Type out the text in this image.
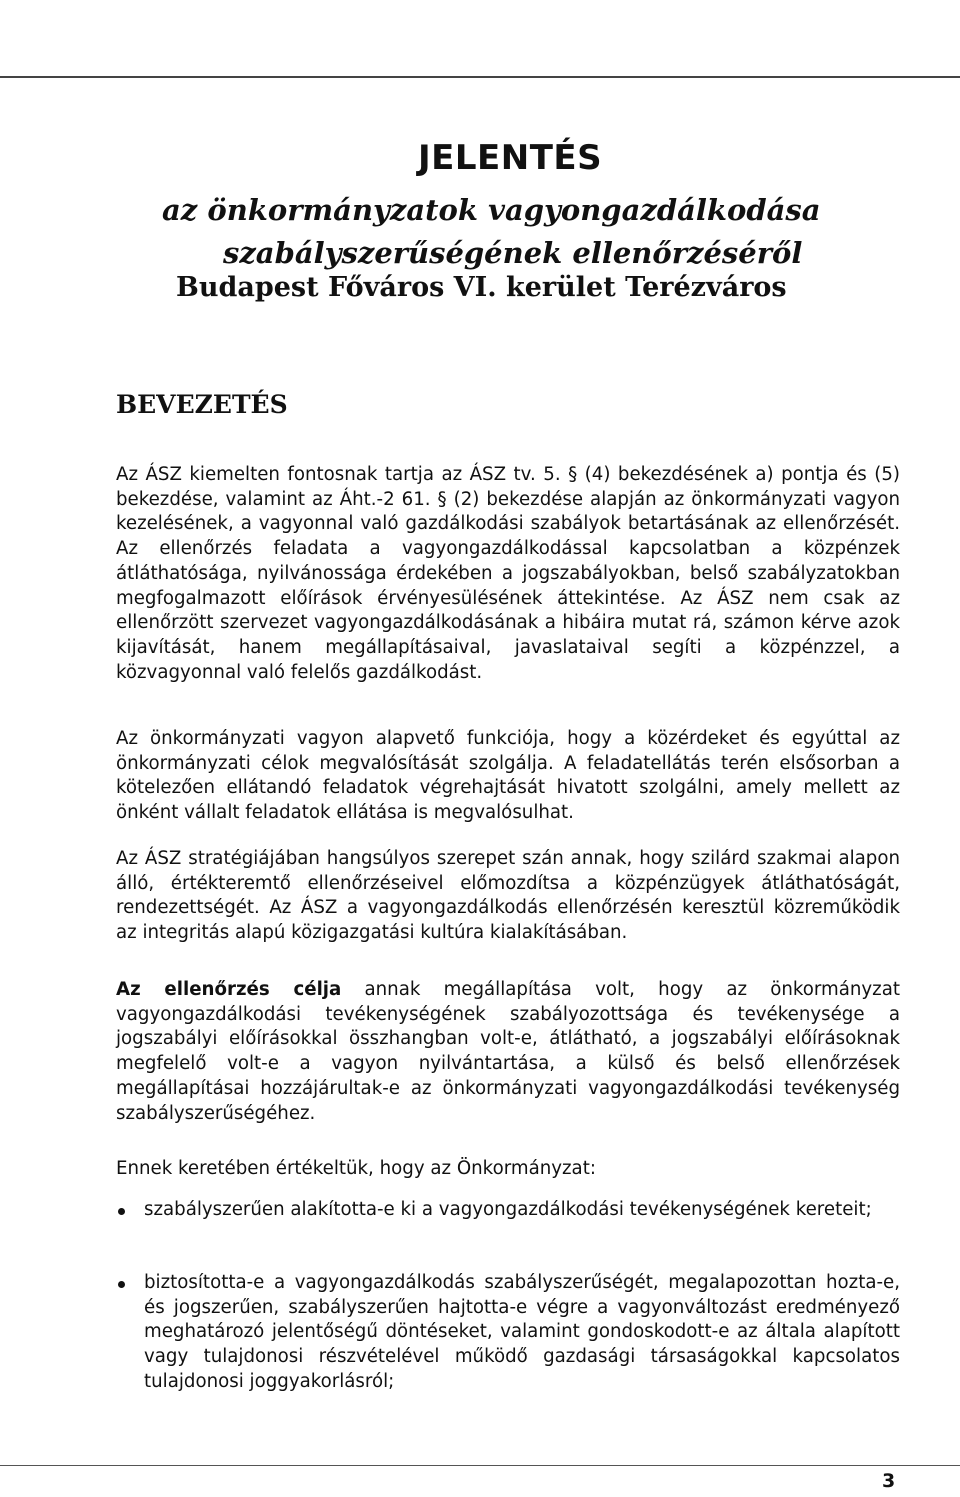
JELENTÉS
az önkormányzatok vagyongazdálkodása
szabályszerűségének ellenőrzéséről
Budapest Főváros VI. kerület Terézváros
BEVEZETÉS

Az ÁSZ kiemelten fontosnak tartja az ÁSZ tv. 5. § (4) bekezdésének a) pontja és (5) bekezdése, valamint az Áht.-2 61. § (2) bekezdése alapján az önkormányzati vagyon kezelésének, a vagyonnal való gazdálkodási szabályok betartásának az ellenőrzését. Az ellenőrzés feladata a vagyongazdálkodással kapcsolatban a közpénzek átláthatósága, nyilvánossága érdekében a jogszabályokban, belső szabályzatokban megfogalmazott előírások érvényesülésének áttekintése. Az ÁSZ nem csak az ellenőrzött szervezet vagyongazdálkodásának a hibáira mutat rá, számon kérve azok kijavítását, hanem megállapításaival, javaslataival segíti a közpénzzel, a közvagyonnal való felelős gazdálkodást.

Az önkormányzati vagyon alapvető funkciója, hogy a közérdeket és egyúttal az önkormányzati célok megvalósítását szolgálja. A feladatellátás terén elsősorban a kötelezően ellátandó feladatok végrehajtását hivatott szolgálni, amely mellett az önként vállalt feladatok ellátása is megvalósulhat.

Az ÁSZ stratégiájában hangsúlyos szerepet szán annak, hogy szilárd szakmai alapon álló, értékteremtő ellenőrzéseivel előmozdítsa a közpénzügyek átláthatóságát, rendezettségét. Az ÁSZ a vagyongazdálkodás ellenőrzésén keresztül közreműködik az integritás alapú közigazgatási kultúra kialakításában.

Az ellenőrzés célja annak megállapítása volt, hogy az önkormányzat vagyongazdálkodási tevékenységének szabályozottsága és tevékenysége a jogszabályi előírásokkal összhangban volt-e, átlátható, a jogszabályi előírásoknak megfelelő volt-e a vagyon nyilvántartása, a külső és belső ellenőrzések megállapításai hozzájárultak-e az önkormányzati vagyongazdálkodási tevékenység szabályszerűségéhez.

Ennek keretében értékeltük, hogy az Önkormányzat:

szabályszerűen alakította-e ki a vagyongazdálkodási tevékenységének kereteit;
biztosította-e a vagyongazdálkodás szabályszerűségét, megalapozottan hozta-e, és jogszerűen, szabályszerűen hajtotta-e végre a vagyonváltozást eredményező meghatározó jelentőségű döntéseket, valamint gondoskodott-e az általa alapított vagy tulajdonosi részvételével működő gazdasági társaságokkal kapcsolatos tulajdonosi joggyakorlásról;

3
